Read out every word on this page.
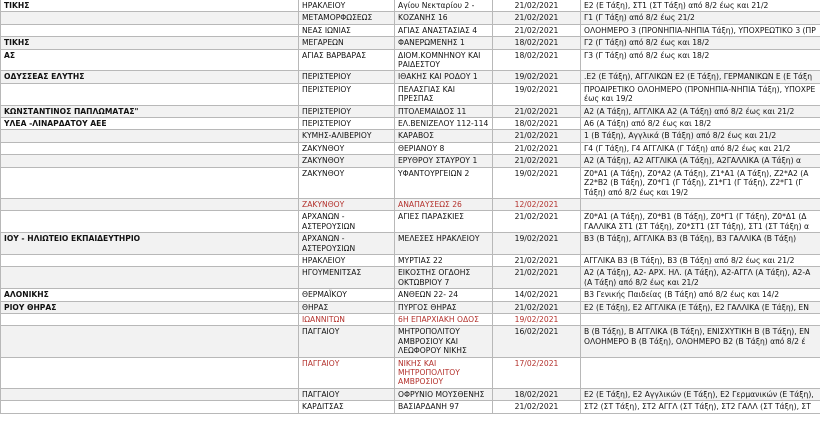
ΤΙΚΗΣ	ΗΡΑΚΛΕΙΟΥ	Αγίου Νεκταρίου 2 -	21/02/2021	Ε2 (Ε Τάξη), ΣΤ1 (ΣΤ Τάξη) από 8/2 έως και 21/2
	ΜΕΤΑΜΟΡΦΩΣΕΩΣ	ΚΟΖΑΝΗΣ 16	21/02/2021	Γ1 (Γ Τάξη) από 8/2 έως 21/2
	ΝΕΑΣ ΙΩΝΙΑΣ	ΑΓΙΑΣ ΑΝΑΣΤΑΣΙΑΣ 4	21/02/2021	ΟΛΟΗΜΕΡΟ 3 (ΠΡΟΝΗΠΙΑ-ΝΗΠΙΑ Τάξη), ΥΠΟΧΡΕΩΤΙΚΟ 3 (ΠΡ
ΤΙΚΗΣ	ΜΕΓΑΡΕΩΝ	ΦΑΝΕΡΩΜΕΝΗΣ 1	18/02/2021	Γ2 (Γ Τάξη) από 8/2 έως και 18/2
ΑΣ	ΑΓΙΑΣ ΒΑΡΒΑΡΑΣ	ΔΙΟΜ.ΚΟΜΝΗΝΟΥ ΚΑΙ ΡΑΙΔΕΣΤΟΥ	18/02/2021	Γ3 (Γ Τάξη) από 8/2 έως και 18/2
ΟΔΥΣΣΕΑΣ ΕΛΥΤΗΣ	ΠΕΡΙΣΤΕΡΙΟΥ	ΙΘΑΚΗΣ ΚΑΙ ΡΟΔΟΥ 1	19/02/2021	.Ε2 (Ε Τάξη), ΑΓΓΛΙΚΩΝ Ε2 (Ε Τάξη), ΓΕΡΜΑΝΙΚΩΝ Ε (Ε Τάξη
	ΠΕΡΙΣΤΕΡΙΟΥ	ΠΕΛΑΣΓΙΑΣ ΚΑΙ ΠΡΕΣΠΑΣ	19/02/2021	ΠΡΟΑΙΡΕΤΙΚΟ ΟΛΟΗΜΕΡΟ (ΠΡΟΝΗΠΙΑ-ΝΗΠΙΑ Τάξη), ΥΠΟΧΡΕ
έως και 19/2
ΚΩΝΣΤΑΝΤΙΝΟΣ ΠΑΠΛΩΜΑΤΑΣ"	ΠΕΡΙΣΤΕΡΙΟΥ	ΠΤΟΛΕΜΑΙΔΟΣ 11	21/02/2021	Α2 (Α Τάξη), ΑΓΓΛΙΚΑ Α2 (Α Τάξη) από 8/2 έως και 21/2
ΥΛΕΑ -ΛΙΝΑΡΔΑΤΟΥ ΑΕΕ	ΠΕΡΙΣΤΕΡΙΟΥ	ΕΛ.ΒΕΝΙΖΕΛΟΥ 112-114	18/02/2021	Α6 (Α Τάξη) από 8/2 έως και 18/2
	ΚΥΜΗΣ-ΑΛΙΒΕΡΙΟΥ	ΚΑΡΑΒΟΣ	21/02/2021	1 (Β Τάξη), Αγγλικά (Β Τάξη) από 8/2 έως και 21/2
	ΖΑΚΥΝΘΟΥ	ΘΕΡΙΑΝΟΥ 8	21/02/2021	Γ4 (Γ Τάξη), Γ4 ΑΓΓΛΙΚΑ (Γ Τάξη) από 8/2 έως και 21/2
	ΖΑΚΥΝΘΟΥ	ΕΡΥΘΡΟΥ ΣΤΑΥΡΟΥ 1	21/02/2021	Α2 (Α Τάξη), Α2 ΑΓΓΛΙΚΑ (Α Τάξη), Α2ΓΑΛΛΙΚΑ (Α Τάξη) α
	ΖΑΚΥΝΘΟΥ	ΥΦΑΝΤΟΥΡΓΕΙΩΝ 2	19/02/2021	Ζ0*Α1 (Α Τάξη), Ζ0*Α2 (Α Τάξη), Ζ1*Α1 (Α Τάξη), Ζ2*Α2 (Α
Ζ2*Β2 (Β Τάξη), Ζ0*Γ1 (Γ Τάξη), Ζ1*Γ1 (Γ Τάξη), Ζ2*Γ1 (Γ
Τάξη) από 8/2 έως και 19/2
	ΖΑΚΥΝΘΟΥ	ΑΝΑΠΑΥΣΕΩΣ 26	12/02/2021	
	ΑΡΧΑΝΩΝ - ΑΣΤΕΡΟΥΣΙΩΝ	ΑΓΙΕΣ ΠΑΡΑΣΚΙΕΣ	21/02/2021	Ζ0*Α1 (Α Τάξη), Ζ0*Β1 (Β Τάξη), Ζ0*Γ1 (Γ Τάξη), Ζ0*Δ1 (Δ
ΓΑΛΛΙΚΑ ΣΤ1 (ΣΤ Τάξη), Ζ0*ΣΤ1 (ΣΤ Τάξη), ΣΤ1 (ΣΤ Τάξη) α
ΙΟΥ - ΗΛΙΩΤΕΙΟ ΕΚΠΑΙΔΕΥΤΗΡΙΟ	ΑΡΧΑΝΩΝ - ΑΣΤΕΡΟΥΣΙΩΝ	ΜΕΛΕΣΕΣ ΗΡΑΚΛΕΙΟΥ	19/02/2021	Β3 (Β Τάξη), ΑΓΓΛΙΚΑ Β3 (Β Τάξη), Β3 ΓΑΛΛΙΚΑ (Β Τάξη)
	ΗΡΑΚΛΕΙΟΥ	ΜΥΡΤΙΑΣ 22	21/02/2021	ΑΓΓΛΙΚΑ Β3 (Β Τάξη), Β3 (Β Τάξη) από 8/2 έως και 21/2
	ΗΓΟΥΜΕΝΙΤΣΑΣ	ΕΙΚΟΣΤΗΣ ΟΓΔΟΗΣ ΟΚΤΩΒΡΙΟΥ 7	21/02/2021	Α2 (Α Τάξη), Α2- ΑΡΧ. ΗΛ. (Α Τάξη), Α2-ΑΓΓΛ (Α Τάξη), Α2-Α
(Α Τάξη) από 8/2 έως και 21/2
ΑΛΟΝΙΚΗΣ	ΘΕΡΜΑΪΚΟΥ	ΑΝΘΕΩΝ 22- 24	14/02/2021	Β3 Γενικής Παιδείας (Β Τάξη) από 8/2 έως και 14/2
ΡΙΟΥ ΘΗΡΑΣ	ΘΗΡΑΣ	ΠΥΡΓΟΣ ΘΗΡΑΣ	21/02/2021	Ε2 (Ε Τάξη), Ε2 ΑΓΓΛΙΚΑ (Ε Τάξη), Ε2 ΓΑΛΛΙΚΑ (Ε Τάξη), ΕΝ
	ΙΩΑΝΝΙΤΩΝ	6Η ΕΠΑΡΧΙΑΚΗ ΟΔΟΣ	19/02/2021	
	ΠΑΓΓΑΙΟΥ	ΜΗΤΡΟΠΟΛΙΤΟΥ ΑΜΒΡΟΣΙΟΥ ΚΑΙ ΛΕΩΦΟΡΟΥ ΝΙΚΗΣ	16/02/2021	Β (Β Τάξη), Β ΑΓΓΛΙΚΑ (Β Τάξη), ΕΝΙΣΧΥΤΙΚΗ Β (Β Τάξη), ΕΝ
ΟΛΟΗΜΕΡΟ Β (Β Τάξη), ΟΛΟΗΜΕΡΟ Β2 (Β Τάξη) από 8/2 έ
	ΠΑΓΓΑΙΟΥ	ΝΙΚΗΣ ΚΑΙ ΜΗΤΡΟΠΟΛΙΤΟΥ ΑΜΒΡΟΣΙΟΥ	17/02/2021	
	ΠΑΓΓΑΙΟΥ	ΟΦΡΥΝΙΟ ΜΟΥΣΘΕΝΗΣ	18/02/2021	Ε2 (Ε Τάξη), Ε2 Αγγλικών (Ε Τάξη), Ε2 Γερμανικών (Ε Τάξη),
	ΚΑΡΔΙΤΣΑΣ	ΒΑΣΙΑΡΔΑΝΗ 97	21/02/2021	ΣΤ2 (ΣΤ Τάξη), ΣΤ2 ΑΓΓΛ (ΣΤ Τάξη), ΣΤ2 ΓΑΛΛ (ΣΤ Τάξη), ΣΤ
